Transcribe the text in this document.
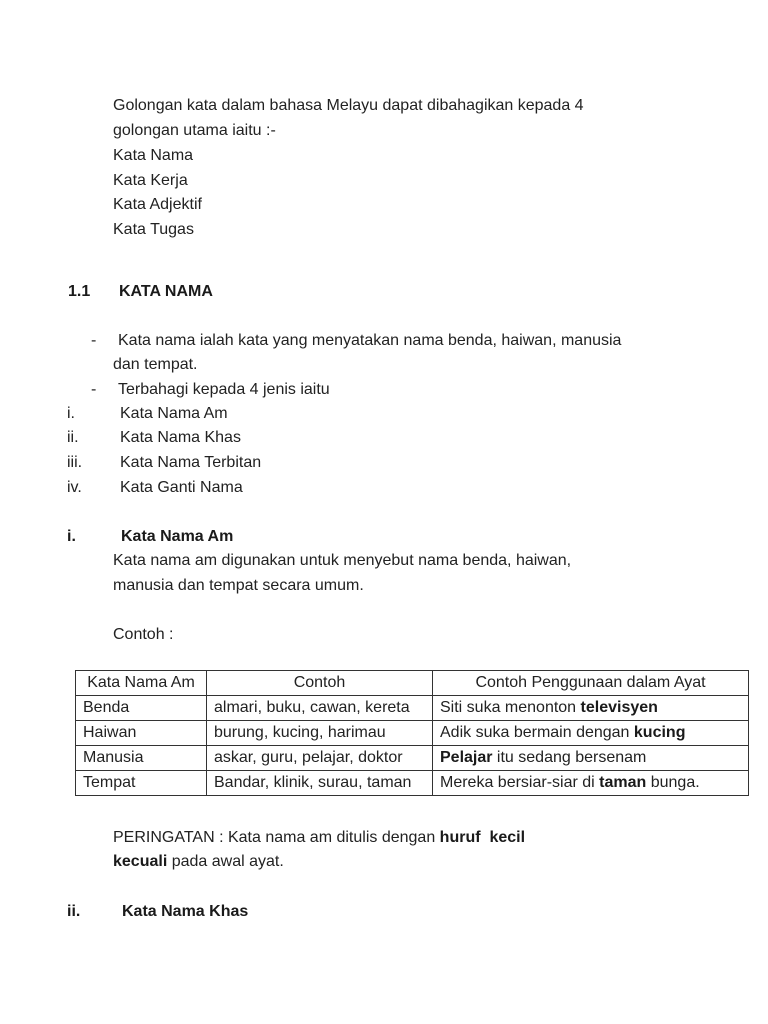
Golongan kata dalam bahasa Melayu dapat dibahagikan kepada 4
golongan utama iaitu :-
Kata Nama
Kata Kerja
Kata Adjektif
Kata Tugas
1.1 KATA NAMA
- Kata nama ialah kata yang menyatakan nama benda, haiwan, manusia
dan tempat.
- Terbahagi kepada 4 jenis iaitu
i.	Kata Nama Am
ii.	Kata Nama Khas
iii. Kata Nama Terbitan
iv. Kata Ganti Nama
i.	Kata Nama Am
Kata nama am digunakan untuk menyebut nama benda, haiwan,
manusia dan tempat secara umum.
Contoh :
Kata Nama Am	Contoh	Contoh Penggunaan dalam Ayat
Benda	almari, buku, cawan, kereta	Siti suka menonton televisyen
Haiwan	burung, kucing, harimau	Adik suka bermain dengan kucing
Manusia	askar, guru, pelajar, doktor	Pelajar itu sedang bersenam
Tempat	Bandar, klinik, surau, taman	Mereka bersiar-siar di taman bunga.
PERINGATAN : Kata nama am ditulis dengan huruf  kecil
kecuali pada awal ayat.
ii.	Kata Nama Khas
